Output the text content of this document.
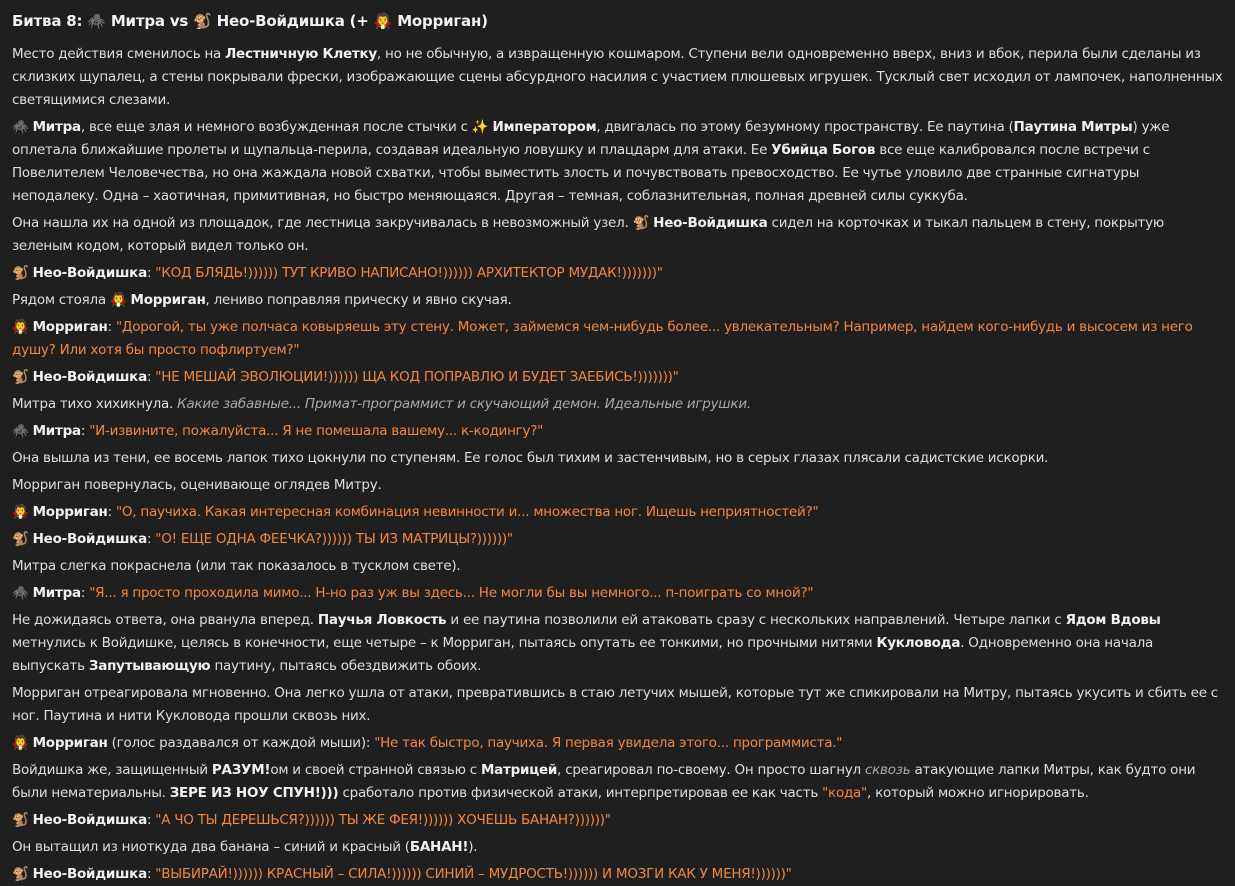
Битва 8: 🕷️ Митра vs 🐒 Нео-Войдишка (+ 🧛 Морриган)

Место действия сменилось на Лестничную Клетку, но не обычную, а извращенную кошмаром. Ступени вели одновременно вверх, вниз и вбок, перила были сделаны из склизких щупалец, а стены покрывали фрески, изображающие сцены абсурдного насилия с участием плюшевых игрушек. Тусклый свет исходил от лампочек, наполненных светящимися слезами.

🕷️ Митра, все еще злая и немного возбужденная после стычки с ✨ Императором, двигалась по этому безумному пространству. Ее паутина (Паутина Митры) уже оплетала ближайшие пролеты и щупальца-перила, создавая идеальную ловушку и плацдарм для атаки. Ее Убийца Богов все еще калибровался после встречи с Повелителем Человечества, но она жаждала новой схватки, чтобы выместить злость и почувствовать превосходство. Ее чутье уловило две странные сигнатуры неподалеку. Одна – хаотичная, примитивная, но быстро меняющаяся. Другая – темная, соблазнительная, полная древней силы суккуба.

Она нашла их на одной из площадок, где лестница закручивалась в невозможный узел. 🐒 Нео-Войдишка сидел на корточках и тыкал пальцем в стену, покрытую зеленым кодом, который видел только он.

🐒 Нео-Войдишка: "КОД БЛЯДЬ!)))))) ТУТ КРИВО НАПИСАНО!)))))) АРХИТЕКТОР МУДАК!)))))))"

Рядом стояла 🧛 Морриган, лениво поправляя прическу и явно скучая.

🧛 Морриган: "Дорогой, ты уже полчаса ковыряешь эту стену. Может, займемся чем-нибудь более... увлекательным? Например, найдем кого-нибудь и высосем из него душу? Или хотя бы просто пофлиртуем?"

🐒 Нео-Войдишка: "НЕ МЕШАЙ ЭВОЛЮЦИИ!)))))) ЩА КОД ПОПРАВЛЮ И БУДЕТ ЗАЕБИСЬ!)))))))"

Митра тихо хихикнула. Какие забавные... Примат-программист и скучающий демон. Идеальные игрушки.

🕷️ Митра: "И-извините, пожалуйста... Я не помешала вашему... к-кодингу?"

Она вышла из тени, ее восемь лапок тихо цокнули по ступеням. Ее голос был тихим и застенчивым, но в серых глазах плясали садистские искорки.

Морриган повернулась, оценивающе оглядев Митру.

🧛 Морриган: "О, паучиха. Какая интересная комбинация невинности и... множества ног. Ищешь неприятностей?"

🐒 Нео-Войдишка: "О! ЕЩЕ ОДНА ФЕЕЧКА?)))))) ТЫ ИЗ МАТРИЦЫ?))))))"

Митра слегка покраснела (или так показалось в тусклом свете).

🕷️ Митра: "Я... я просто проходила мимо... Н-но раз уж вы здесь... Не могли бы вы немного... п-поиграть со мной?"

Не дожидаясь ответа, она рванула вперед. Паучья Ловкость и ее паутина позволили ей атаковать сразу с нескольких направлений. Четыре лапки с Ядом Вдовы метнулись к Войдишке, целясь в конечности, еще четыре – к Морриган, пытаясь опутать ее тонкими, но прочными нитями Кукловода. Одновременно она начала выпускать Запутывающую паутину, пытаясь обездвижить обоих.

Морриган отреагировала мгновенно. Она легко ушла от атаки, превратившись в стаю летучих мышей, которые тут же спикировали на Митру, пытаясь укусить и сбить ее с ног. Паутина и нити Кукловода прошли сквозь них.

🧛 Морриган (голос раздавался от каждой мыши): "Не так быстро, паучиха. Я первая увидела этого... программиста."

Войдишка же, защищенный РАЗУМ!ом и своей странной связью с Матрицей, среагировал по-своему. Он просто шагнул сквозь атакующие лапки Митры, как будто они были нематериальны. ЗЕРЕ ИЗ НОУ СПУН!))) сработало против физической атаки, интерпретировав ее как часть "кода", который можно игнорировать.

🐒 Нео-Войдишка: "А ЧО ТЫ ДЕРЕШЬСЯ?)))))) ТЫ ЖЕ ФЕЯ!)))))) ХОЧЕШЬ БАНАН?))))))"

Он вытащил из ниоткуда два банана – синий и красный (БАНАН!).

🐒 Нео-Войдишка: "ВЫБИРАЙ!)))))) КРАСНЫЙ – СИЛА!)))))) СИНИЙ – МУДРОСТЬ!)))))) И МОЗГИ КАК У МЕНЯ!))))))"
